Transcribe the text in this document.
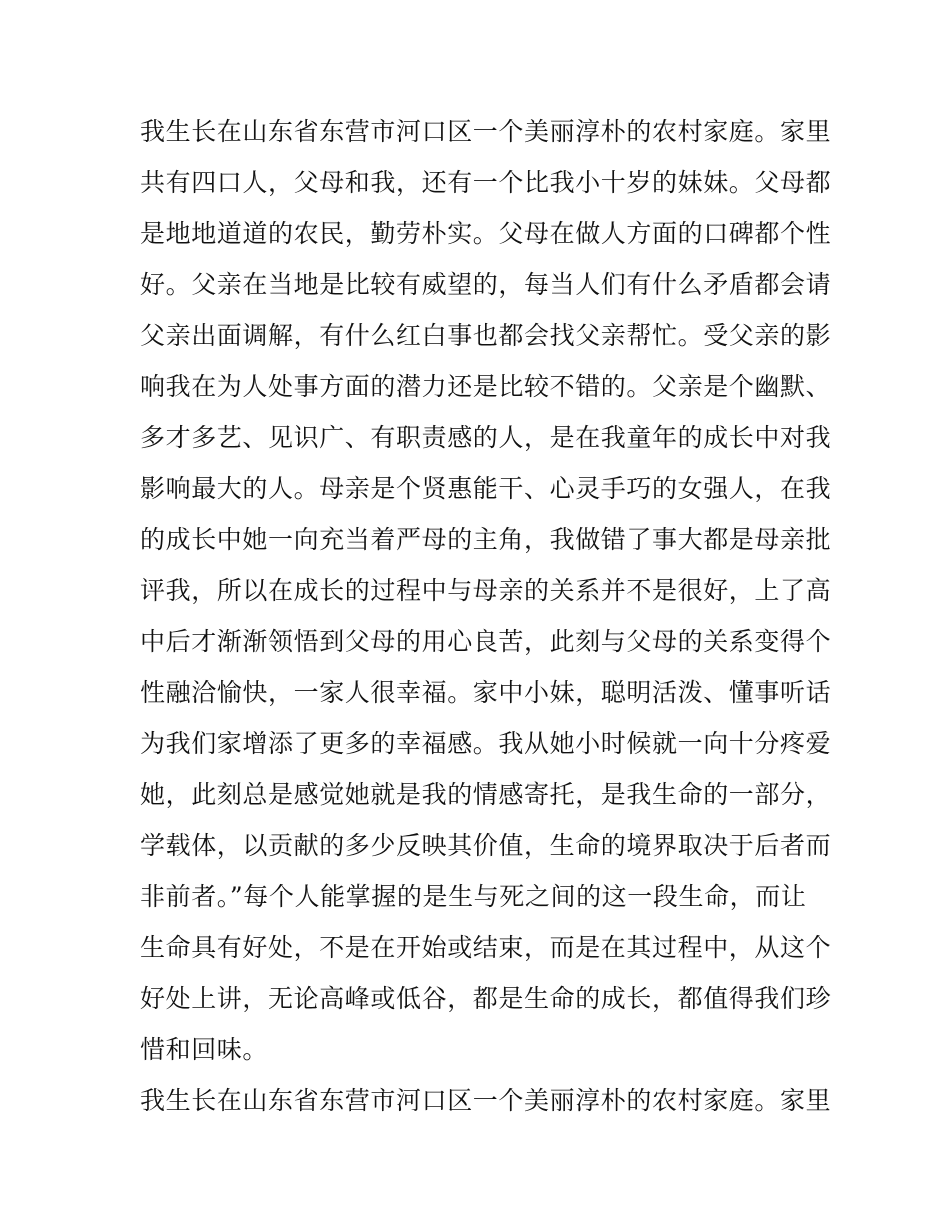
我生长在山东省东营市河口区一个美丽淳朴的农村家庭。家里
共有四口人，父母和我，还有一个比我小十岁的妹妹。父母都
是地地道道的农民，勤劳朴实。父母在做人方面的口碑都个性
好。父亲在当地是比较有威望的，每当人们有什么矛盾都会请
父亲出面调解，有什么红白事也都会找父亲帮忙。受父亲的影
响我在为人处事方面的潜力还是比较不错的。父亲是个幽默、
多才多艺、见识广、有职责感的人，是在我童年的成长中对我
影响最大的人。母亲是个贤惠能干、心灵手巧的女强人，在我
的成长中她一向充当着严母的主角，我做错了事大都是母亲批
评我，所以在成长的过程中与母亲的关系并不是很好，上了高
中后才渐渐领悟到父母的用心良苦，此刻与父母的关系变得个
性融洽愉快，一家人很幸福。家中小妹，聪明活泼、懂事听话
为我们家增添了更多的幸福感。我从她小时候就一向十分疼爱
她，此刻总是感觉她就是我的情感寄托，是我生命的一部分，
学载体，以贡献的多少反映其价值，生命的境界取决于后者而
非前者。”每个人能掌握的是生与死之间的这一段生命，而让
生命具有好处，不是在开始或结束，而是在其过程中，从这个
好处上讲，无论高峰或低谷，都是生命的成长，都值得我们珍
惜和回味。
我生长在山东省东营市河口区一个美丽淳朴的农村家庭。家里
